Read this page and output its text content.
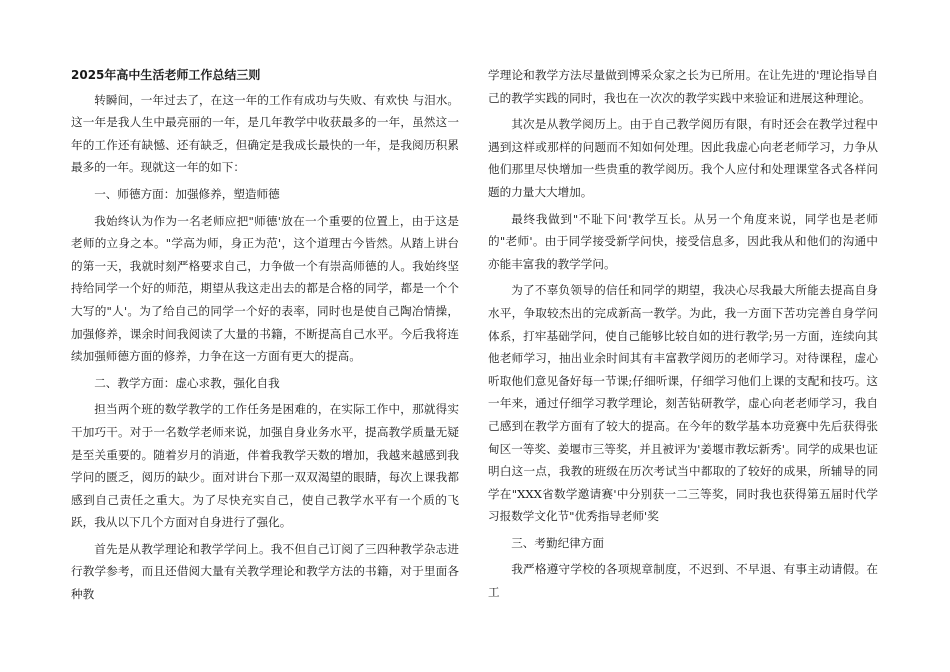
2025年高中生活老师工作总结三则

转瞬间，一年过去了，在这一年的工作有成功与失败、有欢快 与泪水。这一年是我人生中最亮丽的一年，是几年教学中收获最多的一年，虽然这一年的工作还有缺憾、还有缺乏，但确定是我成长最快的一年，是我阅历积累最多的一年。现就这一年的如下：

一、师德方面：加强修养，塑造师德

我始终认为作为一名老师应把"师德'放在一个重要的位置上，由于这是老师的立身之本。"学高为师，身正为范'，这个道理古今皆然。从踏上讲台的第一天，我就时刻严格要求自己，力争做一个有崇高师德的人。我始终坚持给同学一个好的师范，期望从我这走出去的都是合格的同学，都是一个个大写的"人'。为了给自己的同学一个好的表率，同时也是使自己陶冶情操，加强修养，课余时间我阅读了大量的书籍，不断提高自己水平。今后我将连续加强师德方面的修养，力争在这一方面有更大的提高。

二、教学方面：虚心求教，强化自我

担当两个班的数学教学的工作任务是困难的，在实际工作中，那就得实干加巧干。对于一名数学老师来说，加强自身业务水平，提高教学质量无疑是至关重要的。随着岁月的消逝，伴着我教学天数的增加，我越来越感到我学问的匮乏，阅历的缺少。面对讲台下那一双双渴望的眼睛，每次上课我都感到自己责任之重大。为了尽快充实自己，使自己教学水平有一个质的飞跃，我从以下几个方面对自身进行了强化。

首先是从教学理论和教学学问上。我不但自己订阅了三四种教学杂志进行教学参考，而且还借阅大量有关教学理论和教学方法的书籍，对于里面各种教

学理论和教学方法尽量做到博采众家之长为已所用。在让先进的'理论指导自己的教学实践的同时，我也在一次次的教学实践中来验证和进展这种理论。

其次是从教学阅历上。由于自己教学阅历有限，有时还会在教学过程中遇到这样或那样的问题而不知如何处理。因此我虚心向老老师学习，力争从他们那里尽快增加一些贵重的教学阅历。我个人应付和处理课堂各式各样问题的力量大大增加。

最终我做到"不耻下问'教学互长。从另一个角度来说，同学也是老师的"老师'。由于同学接受新学问快，接受信息多，因此我从和他们的沟通中亦能丰富我的教学学问。

为了不辜负领导的信任和同学的期望，我决心尽我最大所能去提高自身水平，争取较杰出的完成新高一教学。为此，我一方面下苦功完善自身学问体系，打牢基础学问，使自己能够比较自如的进行教学;另一方面，连续向其他老师学习，抽出业余时间其有丰富教学阅历的老师学习。对待课程，虚心听取他们意见备好每一节课;仔细听课，仔细学习他们上课的支配和技巧。这一年来，通过仔细学习教学理论，刻苦钻研教学，虚心向老老师学习，我自己感到在教学方面有了较大的提高。在今年的数学基本功竞赛中先后获得张甸区一等奖、姜堰市三等奖，并且被评为'姜堰市教坛新秀'。同学的成果也证明白这一点，我教的班级在历次考试当中都取的了较好的成果，所辅导的同学在"XXX省数学邀请赛'中分别获一二三等奖，同时我也获得第五届时代学习报数学文化节"优秀指导老师'奖

三、考勤纪律方面

我严格遵守学校的各项规章制度，不迟到、不早退、有事主动请假。在工
